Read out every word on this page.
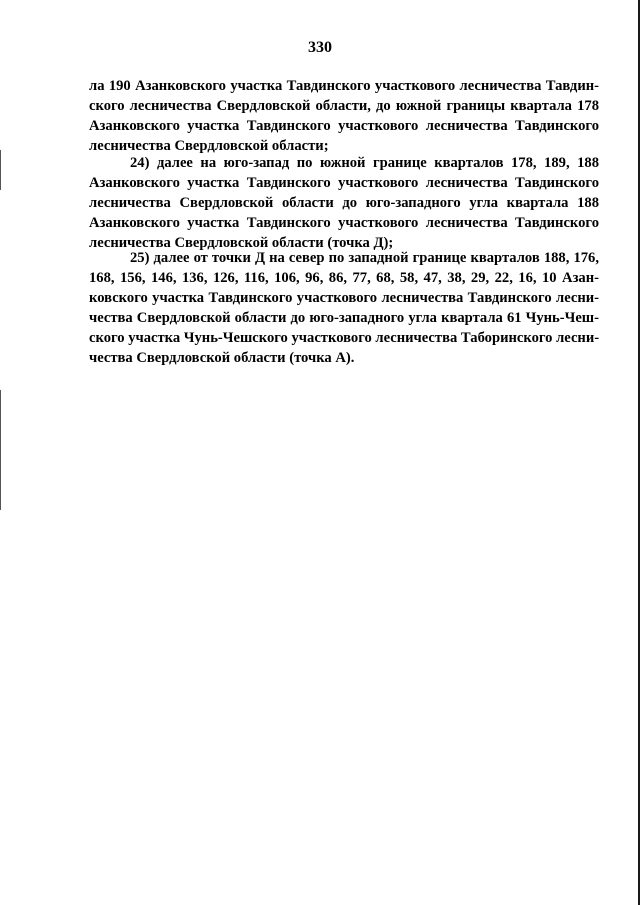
330
ла 190 Азанковского участка Тавдинского участкового лесничества Тавдин-
ского лесничества Свердловской области, до южной границы квартала 178
Азанковского участка Тавдинского участкового лесничества Тавдинского
лесничества Свердловской области;
24) далее на юго-запад по южной границе кварталов 178, 189, 188
Азанковского участка Тавдинского участкового лесничества Тавдинского
лесничества Свердловской области до юго-западного угла квартала 188
Азанковского участка Тавдинского участкового лесничества Тавдинского
лесничества Свердловской области (точка Д);
25) далее от точки Д на север по западной границе кварталов 188, 176,
168, 156, 146, 136, 126, 116, 106, 96, 86, 77, 68, 58, 47, 38, 29, 22, 16, 10 Азан-
ковского участка Тавдинского участкового лесничества Тавдинского лесни-
чества Свердловской области до юго-западного угла квартала 61 Чунь-Чеш-
ского участка Чунь-Чешского участкового лесничества Таборинского лесни-
чества Свердловской области (точка А).
